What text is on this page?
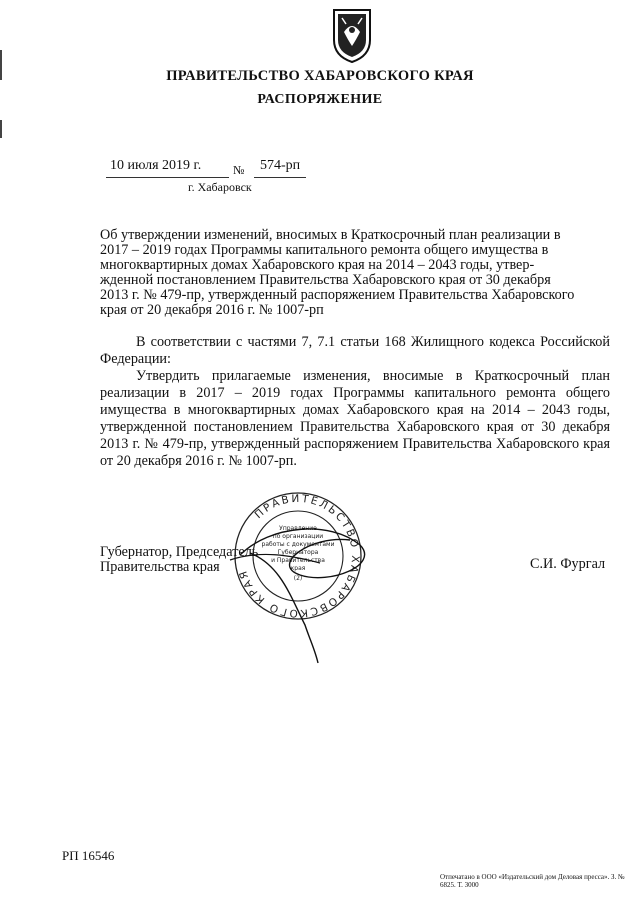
ПРАВИТЕЛЬСТВО ХАБАРОВСКОГО КРАЯ
РАСПОРЯЖЕНИЕ
10 июля 2019 г.	№ 574-рп
г. Хабаровск
Об утверждении изменений, вносимых в Краткосрочный план реализации в
2017 – 2019 годах Программы капитального ремонта общего имущества в
многоквартирных домах Хабаровского края на 2014 – 2043 годы, утвер-
жденной постановлением Правительства Хабаровского края от 30 декабря
2013 г. № 479-пр, утвержденный распоряжением Правительства Хабаровского
края от 20 декабря 2016 г. № 1007-рп

В соответствии с частями 7, 7.1 статьи 168 Жилищного кодекса Российской Федерации:

Утвердить прилагаемые изменения, вносимые в Краткосрочный план реализации в 2017 – 2019 годах Программы капитального ремонта общего имущества в многоквартирных домах Хабаровского края на 2014 – 2043 годы, утвержденной постановлением Правительства Хабаровского края от 30 декабря 2013 г. № 479-пр, утвержденный распоряжением Правительства Хабаровского края от 20 декабря 2016 г. № 1007-рп.

Губернатор, Председатель
Правительства края	С.И. Фургал
ПРАВИТЕЛЬСТВО ХАБАРОВСКОГО КРАЯ
Управление
по организации
работы с документами
Губернатора
и Правительства
края
(2)
РП 16546
Отпечатано в ООО «Издательский дом Деловая пресса». З. № 6825. Т. 3000
